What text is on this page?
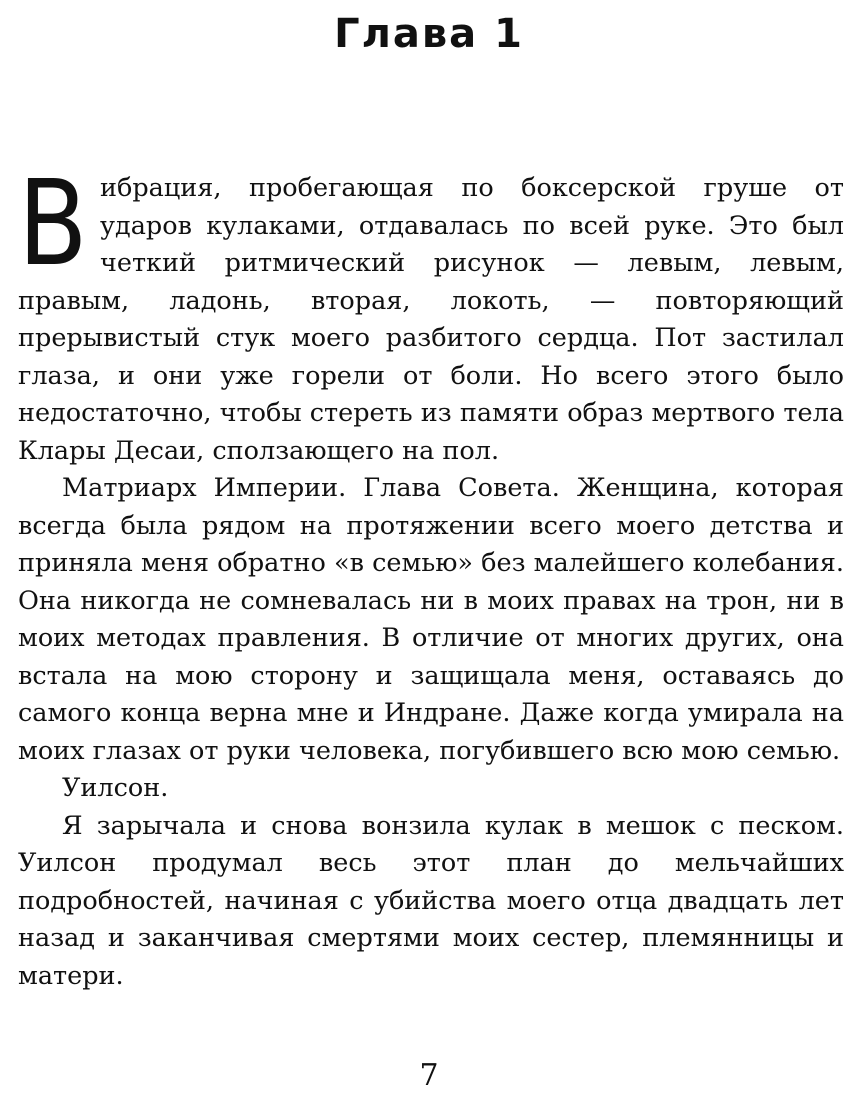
Глава 1

Вибрация, пробегающая по боксерской груше от ударов кулаками, отдавалась по всей руке. Это был четкий ритмический рисунок — левым, левым, правым, ладонь, вторая, локоть, — повторяющий прерывистый стук моего разбитого сердца. Пот застилал глаза, и они уже горели от боли. Но всего этого было недостаточно, чтобы стереть из памяти образ мертвого тела Клары Десаи, сползающего на пол.

Матриарх Империи. Глава Совета. Женщина, которая всегда была рядом на протяжении всего моего детства и приняла меня обратно «в семью» без малейшего колебания. Она никогда не сомневалась ни в моих правах на трон, ни в моих методах правления. В отличие от многих других, она встала на мою сторону и защищала меня, оставаясь до самого конца верна мне и Индране. Даже когда умирала на моих глазах от руки человека, погубившего всю мою семью.

Уилсон.

Я зарычала и снова вонзила кулак в мешок с песком. Уилсон продумал весь этот план до мельчайших подробностей, начиная с убийства моего отца двадцать лет назад и заканчивая смертями моих сестер, племянницы и матери.

7
